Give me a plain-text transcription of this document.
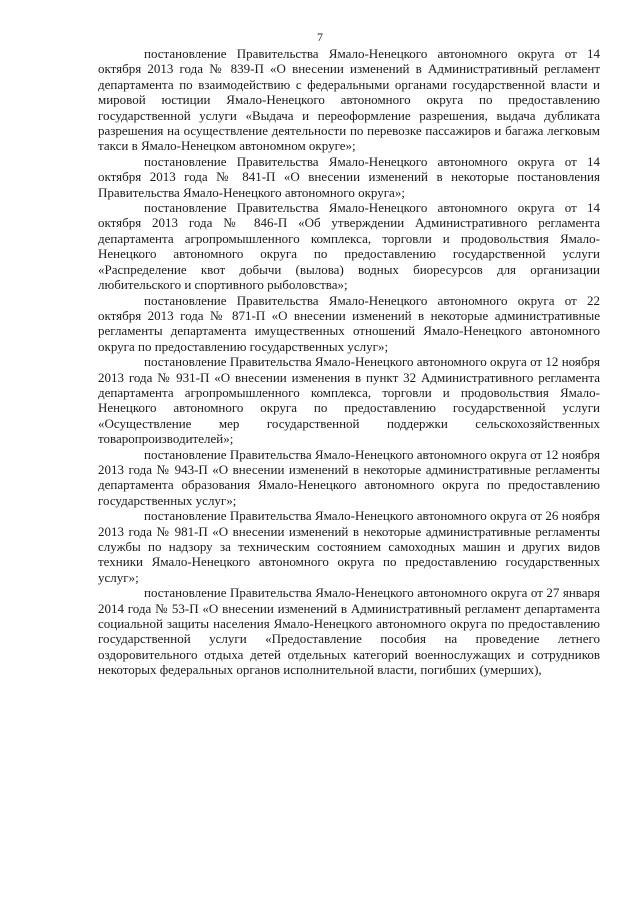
7

постановление Правительства Ямало-Ненецкого автономного округа от 14 октября 2013 года № 839-П «О внесении изменений в Административный регламент департамента по взаимодействию с федеральными органами государственной власти и мировой юстиции Ямало-Ненецкого автономного округа по предоставлению государственной услуги «Выдача и переоформление разрешения, выдача дубликата разрешения на осуществление деятельности по перевозке пассажиров и багажа легковым такси в Ямало-Ненецком автономном округе»;

постановление Правительства Ямало-Ненецкого автономного округа от 14 октября 2013 года № 841-П «О внесении изменений в некоторые постановления Правительства Ямало-Ненецкого автономного округа»;

постановление Правительства Ямало-Ненецкого автономного округа от 14 октября 2013 года № 846-П «Об утверждении Административного регламента департамента агропромышленного комплекса, торговли и продовольствия Ямало-Ненецкого автономного округа по предоставлению государственной услуги «Распределение квот добычи (вылова) водных биоресурсов для организации любительского и спортивного рыболовства»;

постановление Правительства Ямало-Ненецкого автономного округа от 22 октября 2013 года № 871-П «О внесении изменений в некоторые административные регламенты департамента имущественных отношений Ямало-Ненецкого автономного округа по предоставлению государственных услуг»;

постановление Правительства Ямало-Ненецкого автономного округа от 12 ноября 2013 года № 931-П «О внесении изменения в пункт 32 Административного регламента департамента агропромышленного комплекса, торговли и продовольствия Ямало-Ненецкого автономного округа по предоставлению государственной услуги «Осуществление мер государственной поддержки сельскохозяйственных товаропроизводителей»;

постановление Правительства Ямало-Ненецкого автономного округа от 12 ноября 2013 года № 943-П «О внесении изменений в некоторые административные регламенты департамента образования Ямало-Ненецкого автономного округа по предоставлению государственных услуг»;

постановление Правительства Ямало-Ненецкого автономного округа от 26 ноября 2013 года № 981-П «О внесении изменений в некоторые административные регламенты службы по надзору за техническим состоянием самоходных машин и других видов техники Ямало-Ненецкого автономного округа по предоставлению государственных услуг»;

постановление Правительства Ямало-Ненецкого автономного округа от 27 января 2014 года № 53-П «О внесении изменений в Административный регламент департамента социальной защиты населения Ямало-Ненецкого автономного округа по предоставлению государственной услуги «Предоставление пособия на проведение летнего оздоровительного отдыха детей отдельных категорий военнослужащих и сотрудников некоторых федеральных органов исполнительной власти, погибших (умерших),
